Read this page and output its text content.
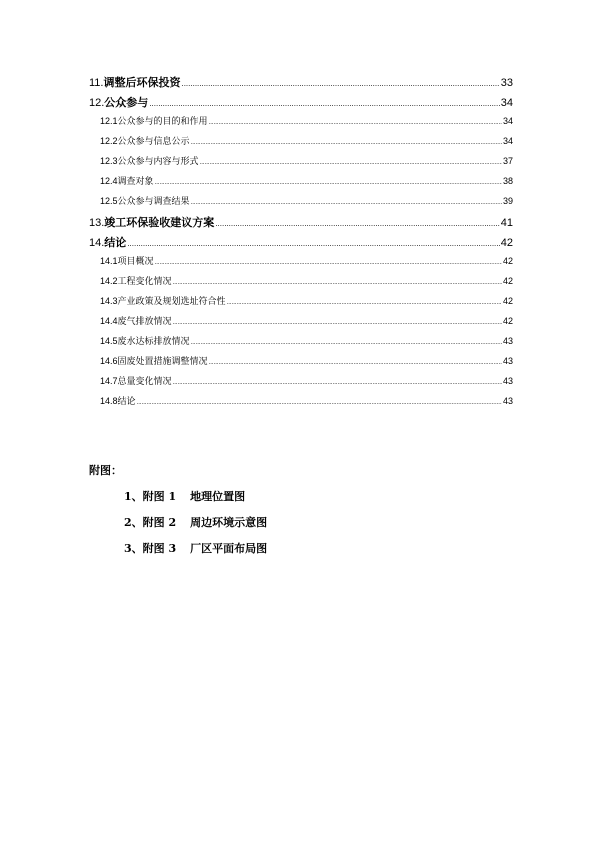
11. 调整后环保投资 .....	33
12. 公众参与 .....	34
12.1 公众参与的目的和作用 .....	34
12.2 公众参与信息公示 .....	34
12.3 公众参与内容与形式 .....	37
12.4 调查对象 .....	38
12.5 公众参与调查结果 .....	39
13. 竣工环保验收建议方案 .....	41
14. 结论 .....	42
14.1 项目概况 .....	42
14.2 工程变化情况 .....	42
14.3 产业政策及规划选址符合性 .....	42
14.4 废气排放情况 .....	42
14.5 废水达标排放情况 .....	43
14.6 固废处置措施调整情况 .....	43
14.7 总量变化情况 .....	43
14.8 结论 .....	43
附图：
1、附图 1 地理位置图
2、附图 2 周边环境示意图
3、附图 3 厂区平面布局图
